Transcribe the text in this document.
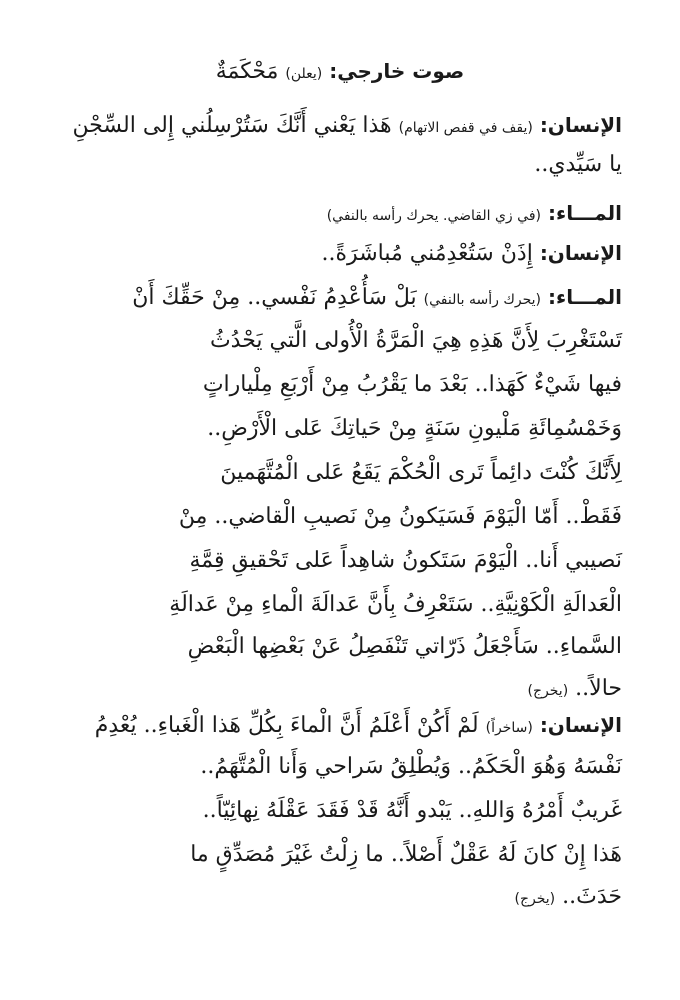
صوت خارجي: (يعلن) مَحْكَمَةٌ
الإنسان: (يقف في قفص الاتهام) هَذا يَعْني أَنَّكَ سَتُرْسِلُني إِلى السِّجْنِ
يا سَيِّدي..
المـــاء: (في زي القاضي. يحرك رأسه بالنفي)
الإنسان: إِذَنْ سَتُعْدِمُني مُباشَرَةً..
المـــاء: (يحرك رأسه بالنفي) بَلْ سَأُعْدِمُ نَفْسي.. مِنْ حَقِّكَ أَنْ
تَسْتَغْرِبَ لِأَنَّ هَذِهِ هِيَ الْمَرَّةُ الْأُولى الَّتي يَحْدُثُ
فيها شَيْءٌ كَهَذا.. بَعْدَ ما يَقْرُبُ مِنْ أَرْبَعِ مِلْياراتٍ
وَخَمْسُمِائَةِ مَلْيونِ سَنَةٍ مِنْ حَياتِكَ عَلى الْأَرْضِ..
لِأَنَّكَ كُنْتَ دائِماً تَرى الْحُكْمَ يَقَعُ عَلى الْمُتَّهَمينَ
فَقَطْ.. أَمّا الْيَوْمَ فَسَيَكونُ مِنْ نَصيبِ الْقاضي.. مِنْ
نَصيبي أَنا.. الْيَوْمَ سَتَكونُ شاهِداً عَلى تَحْقيقِ قِمَّةِ
الْعَدالَةِ الْكَوْنِيَّةِ.. سَتَعْرِفُ بِأَنَّ عَدالَةَ الْماءِ مِنْ عَدالَةِ
السَّماءِ.. سَأَجْعَلُ ذَرّاتي تَنْفَصِلُ عَنْ بَعْضِها الْبَعْضِ
حالاً.. (يخرج)
الإنسان: (ساخراً) لَمْ أَكُنْ أَعْلَمُ أَنَّ الْماءَ بِكُلِّ هَذا الْغَباءِ.. يُعْدِمُ
نَفْسَهُ وَهُوَ الْحَكَمُ.. وَيُطْلِقُ سَراحي وَأَنا الْمُتَّهَمُ..
غَريبٌ أَمْرُهُ وَاللهِ.. يَبْدو أَنَّهُ قَدْ فَقَدَ عَقْلَهُ نِهائِيّاً..
هَذا إِنْ كانَ لَهُ عَقْلٌ أَصْلاً.. ما زِلْتُ غَيْرَ مُصَدِّقٍ ما
حَدَثَ.. (يخرج)
